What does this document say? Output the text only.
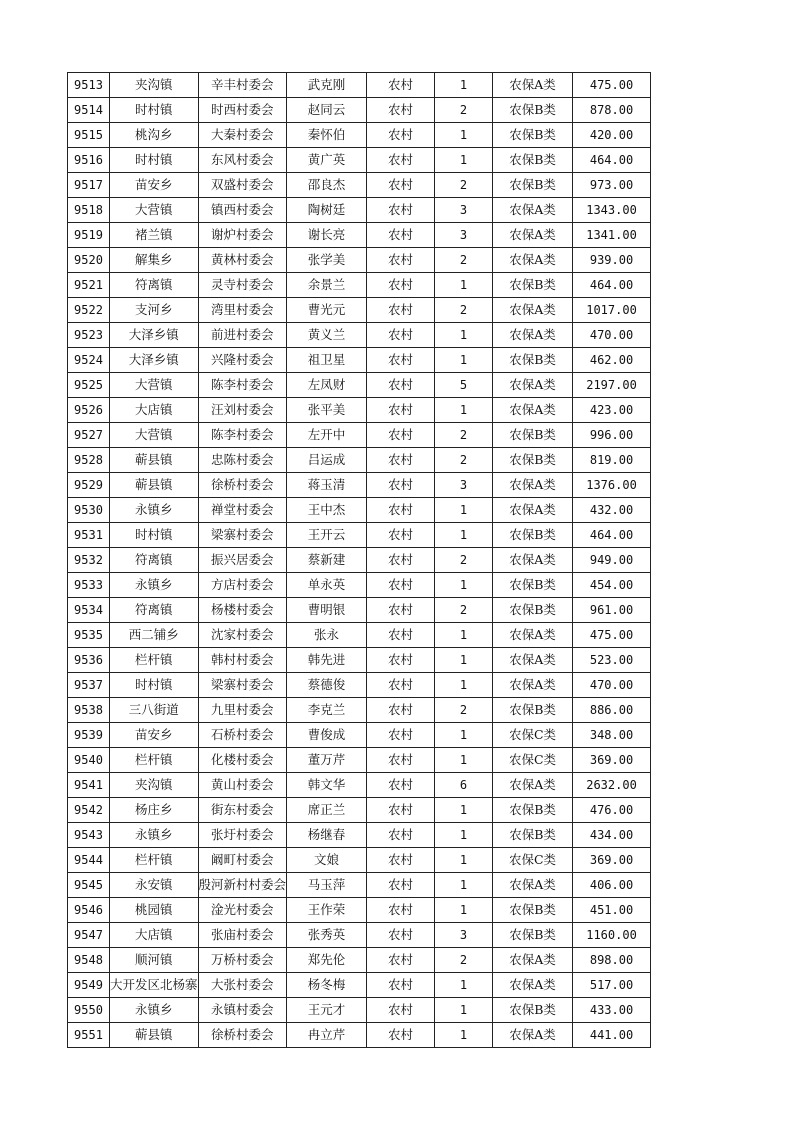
9513	夹沟镇	辛丰村委会	武克刚	农村	1	农保A类	475.00
9514	时村镇	时西村委会	赵同云	农村	2	农保B类	878.00
9515	桃沟乡	大秦村委会	秦怀伯	农村	1	农保B类	420.00
9516	时村镇	东风村委会	黄广英	农村	1	农保B类	464.00
9517	苗安乡	双盛村委会	邵良杰	农村	2	农保B类	973.00
9518	大营镇	镇西村委会	陶树廷	农村	3	农保A类	1343.00
9519	褚兰镇	谢炉村委会	谢长亮	农村	3	农保A类	1341.00
9520	解集乡	黄林村委会	张学美	农村	2	农保A类	939.00
9521	符离镇	灵寺村委会	余景兰	农村	1	农保B类	464.00
9522	支河乡	湾里村委会	曹光元	农村	2	农保A类	1017.00
9523	大泽乡镇	前进村委会	黄义兰	农村	1	农保A类	470.00
9524	大泽乡镇	兴隆村委会	祖卫星	农村	1	农保B类	462.00
9525	大营镇	陈李村委会	左凤财	农村	5	农保A类	2197.00
9526	大店镇	汪刘村委会	张平美	农村	1	农保A类	423.00
9527	大营镇	陈李村委会	左开中	农村	2	农保B类	996.00
9528	蕲县镇	忠陈村委会	吕运成	农村	2	农保B类	819.00
9529	蕲县镇	徐桥村委会	蒋玉清	农村	3	农保A类	1376.00
9530	永镇乡	禅堂村委会	王中杰	农村	1	农保A类	432.00
9531	时村镇	梁寨村委会	王开云	农村	1	农保B类	464.00
9532	符离镇	振兴居委会	蔡新建	农村	2	农保A类	949.00
9533	永镇乡	方店村委会	单永英	农村	1	农保B类	454.00
9534	符离镇	杨楼村委会	曹明银	农村	2	农保B类	961.00
9535	西二铺乡	沈家村委会	张永	农村	1	农保A类	475.00
9536	栏杆镇	韩村村委会	韩先进	农村	1	农保A类	523.00
9537	时村镇	梁寨村委会	蔡德俊	农村	1	农保A类	470.00
9538	三八街道	九里村委会	李克兰	农村	2	农保B类	886.00
9539	苗安乡	石桥村委会	曹俊成	农村	1	农保C类	348.00
9540	栏杆镇	化楼村委会	董万芹	农村	1	农保C类	369.00
9541	夹沟镇	黄山村委会	韩文华	农村	6	农保A类	2632.00
9542	杨庄乡	街东村委会	席正兰	农村	1	农保B类	476.00
9543	永镇乡	张圩村委会	杨继春	农村	1	农保B类	434.00
9544	栏杆镇	阚町村委会	文娘	农村	1	农保C类	369.00
9545	永安镇	殷河新村村委会	马玉萍	农村	1	农保A类	406.00
9546	桃园镇	淦光村委会	王作荣	农村	1	农保B类	451.00
9547	大店镇	张庙村委会	张秀英	农村	3	农保B类	1160.00
9548	顺河镇	万桥村委会	郑先伦	农村	2	农保A类	898.00
9549	大开发区北杨寨	大张村委会	杨冬梅	农村	1	农保A类	517.00
9550	永镇乡	永镇村委会	王元才	农村	1	农保B类	433.00
9551	蕲县镇	徐桥村委会	冉立芹	农村	1	农保A类	441.00
